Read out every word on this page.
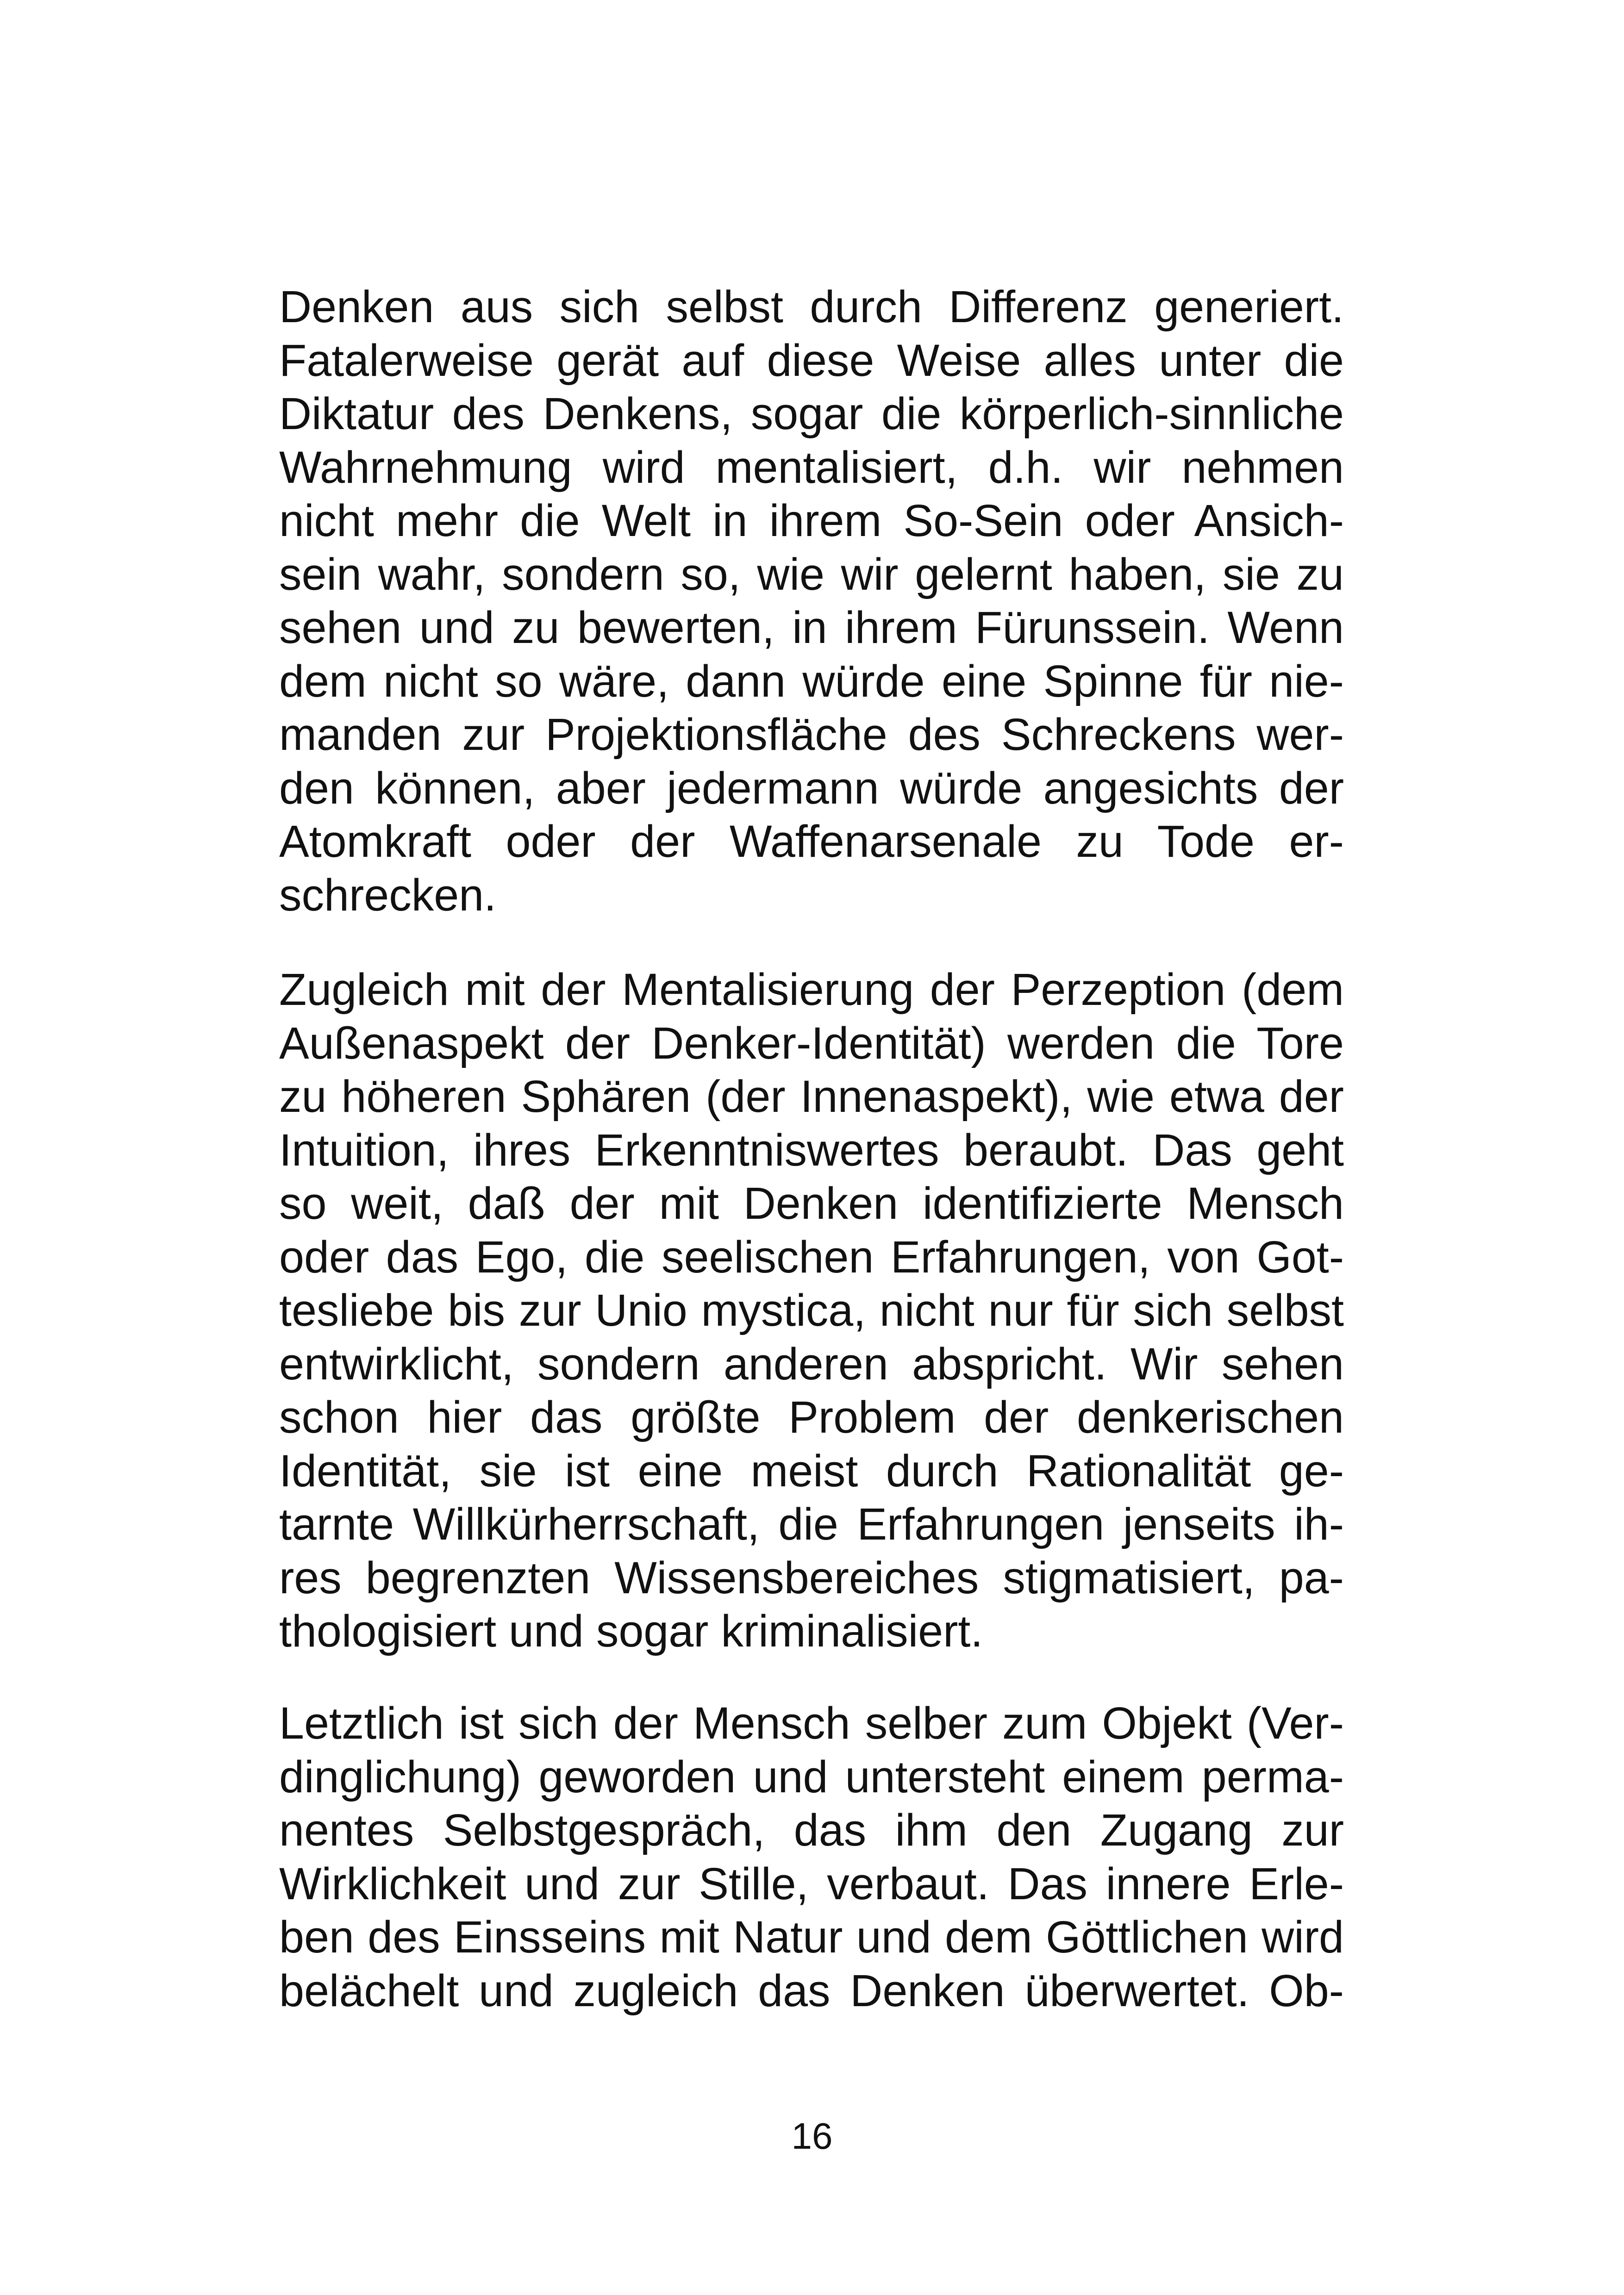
Denken aus sich selbst durch Differenz generiert.
Fatalerweise gerät auf diese Weise alles unter die
Diktatur des Denkens, sogar die körperlich-sinnliche
Wahrnehmung wird mentalisiert, d.h. wir nehmen
nicht mehr die Welt in ihrem So-Sein oder Ansich-
sein wahr, sondern so, wie wir gelernt haben, sie zu
sehen und zu bewerten, in ihrem Fürunssein. Wenn
dem nicht so wäre, dann würde eine Spinne für nie-
manden zur Projektionsfläche des Schreckens wer-
den können, aber jedermann würde angesichts der
Atomkraft oder der Waffenarsenale zu Tode er-
schrecken.
Zugleich mit der Mentalisierung der Perzeption (dem
Außenaspekt der Denker-Identität) werden die Tore
zu höheren Sphären (der Innenaspekt), wie etwa der
Intuition, ihres Erkenntniswertes beraubt. Das geht
so weit, daß der mit Denken identifizierte Mensch
oder das Ego, die seelischen Erfahrungen, von Got-
tesliebe bis zur Unio mystica, nicht nur für sich selbst
entwirklicht, sondern anderen abspricht. Wir sehen
schon hier das größte Problem der denkerischen
Identität, sie ist eine meist durch Rationalität ge-
tarnte Willkürherrschaft, die Erfahrungen jenseits ih-
res begrenzten Wissensbereiches stigmatisiert, pa-
thologisiert und sogar kriminalisiert.
Letztlich ist sich der Mensch selber zum Objekt (Ver-
dinglichung) geworden und untersteht einem perma-
nentes Selbstgespräch, das ihm den Zugang zur
Wirklichkeit und zur Stille, verbaut. Das innere Erle-
ben des Einsseins mit Natur und dem Göttlichen wird
belächelt und zugleich das Denken überwertet. Ob-
16
